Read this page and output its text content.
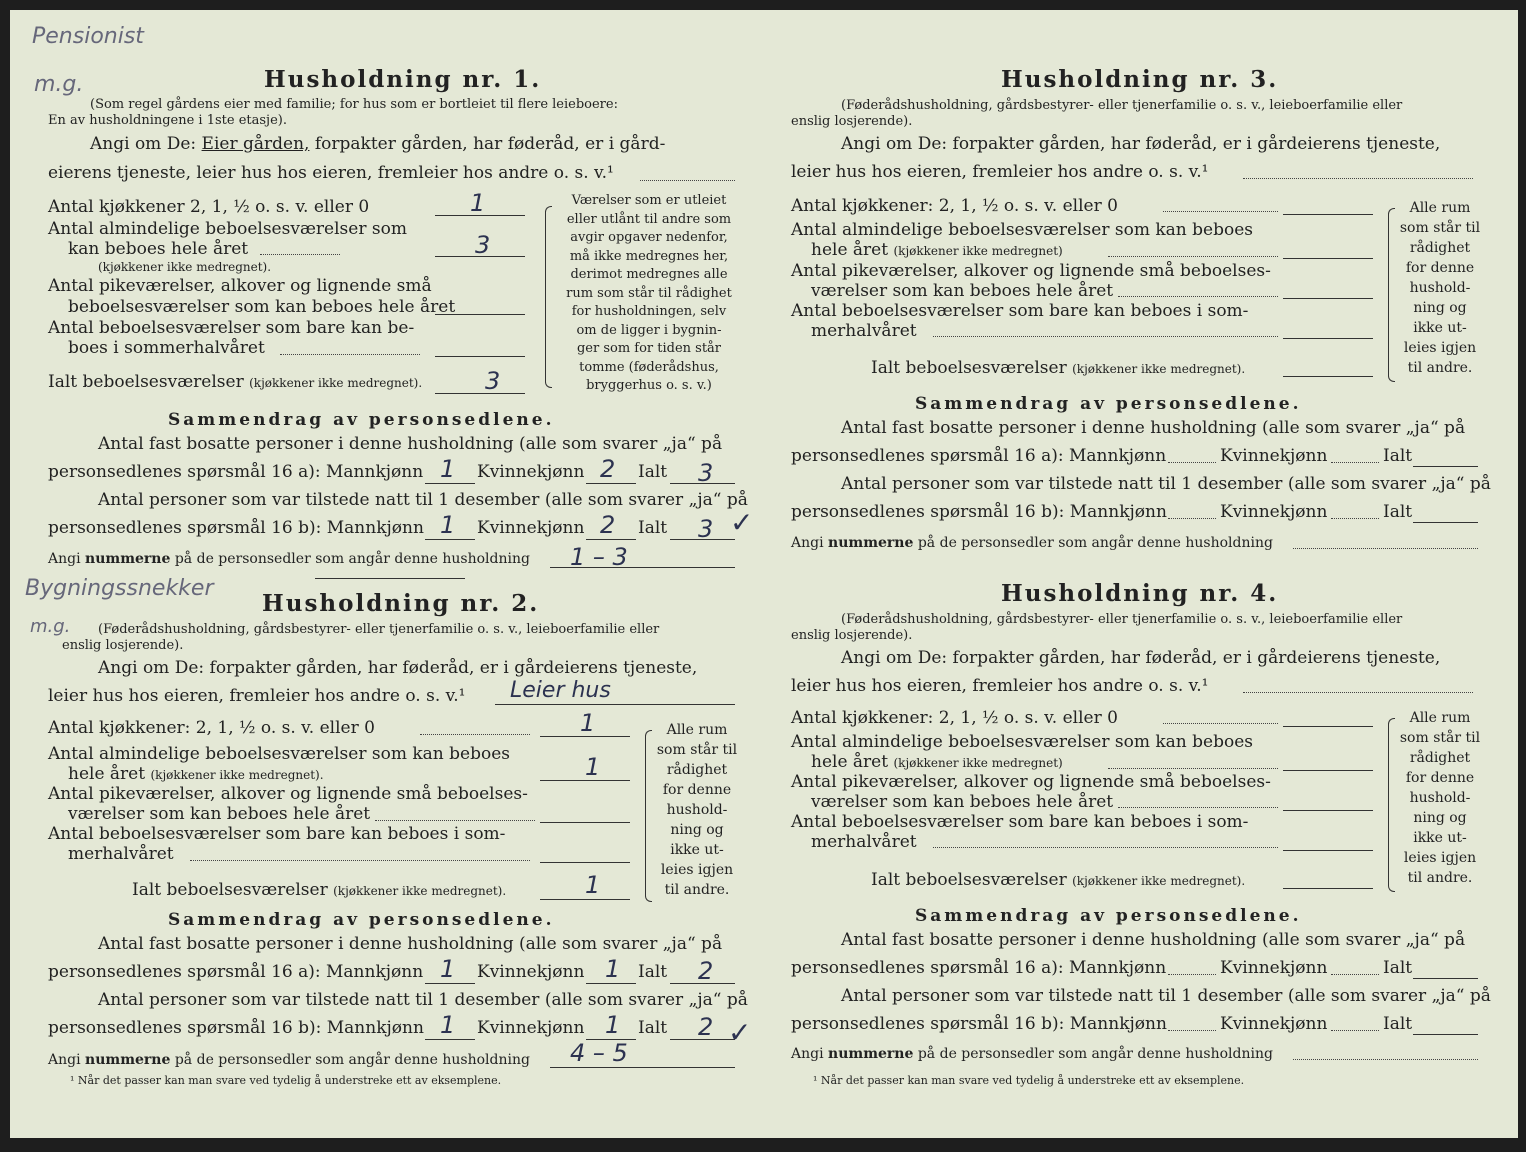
Pensionist
m.g.	Husholdning nr. 1.
(Som regel gårdens eier med familie; for hus som er bortleiet til flere leieboere:
En av husholdningene i 1ste etasje).
Angi om De: Eier gården, forpakter gården, har føderåd, er i gård-
eierens tjeneste, leier hus hos eieren, fremleier hos andre o. s. v.¹
Antal kjøkkener 2, 1, ½ o. s. v. eller 0	1
Antal almindelige beboelsesværelser som
kan beboes hele året	3
(kjøkkener ikke medregnet).
Antal pikeværelser, alkover og lignende små
beboelsesværelser som kan beboes hele året
Antal beboelsesværelser som bare kan be-
boes i sommerhalvåret
Ialt beboelsesværelser (kjøkkener ikke medregnet).	3
Værelser som er utleiet
eller utlånt til andre som
avgir opgaver nedenfor,
må ikke medregnes her,
derimot medregnes alle
rum som står til rådighet
for husholdningen, selv
om de ligger i bygnin-
ger som for tiden står
tomme (føderådshus,
bryggerhus o. s. v.)
Sammendrag av personsedlene.
Antal fast bosatte personer i denne husholdning (alle som svarer „ja“ på
personsedlenes spørsmål 16 a): Mannkjønn	Kvinnekjønn	Ialt
1	2	3
Antal personer som var tilstede natt til 1 desember (alle som svarer „ja“ på
personsedlenes spørsmål 16 b): Mannkjønn	Kvinnekjønn	Ialt
1	2	3 ✓
Angi nummerne på de personsedler som angår denne husholdning 1 – 3
Bygningssnekker
m.g.
Husholdning nr. 2.
(Føderådshusholdning, gårdsbestyrer- eller tjenerfamilie o. s. v., leieboerfamilie eller
enslig losjerende).
Angi om De: forpakter gården, har føderåd, er i gårdeierens tjeneste,
leier hus hos eieren, fremleier hos andre o. s. v.¹ Leier hus
Antal kjøkkener: 2, 1, ½ o. s. v. eller 0	1
Antal almindelige beboelsesværelser som kan beboes
hele året (kjøkkener ikke medregnet).	1
Antal pikeværelser, alkover og lignende små beboelses-
værelser som kan beboes hele året
Antal beboelsesværelser som bare kan beboes i som-
merhalvåret
Ialt beboelsesværelser (kjøkkener ikke medregnet).	1
Alle rum
som står til
rådighet
for denne
hushold-
ning og
ikke ut-
leies igjen
til andre.
Sammendrag av personsedlene.
Antal fast bosatte personer i denne husholdning (alle som svarer „ja“ på
personsedlenes spørsmål 16 a): Mannkjønn	Kvinnekjønn	Ialt
1	1	2
Antal personer som var tilstede natt til 1 desember (alle som svarer „ja“ på
personsedlenes spørsmål 16 b): Mannkjønn	Kvinnekjønn	Ialt
1	1	2 ✓
Angi nummerne på de personsedler som angår denne husholdning 4 – 5
¹ Når det passer kan man svare ved tydelig å understreke ett av eksemplene.
Husholdning nr. 3.
(Føderådshusholdning, gårdsbestyrer- eller tjenerfamilie o. s. v., leieboerfamilie eller
enslig losjerende).
Angi om De: forpakter gården, har føderåd, er i gårdeierens tjeneste,
leier hus hos eieren, fremleier hos andre o. s. v.¹
Antal kjøkkener: 2, 1, ½ o. s. v. eller 0
Antal almindelige beboelsesværelser som kan beboes
hele året (kjøkkener ikke medregnet)
Antal pikeværelser, alkover og lignende små beboelses-
værelser som kan beboes hele året
Antal beboelsesværelser som bare kan beboes i som-
merhalvåret
Ialt beboelsesværelser (kjøkkener ikke medregnet).
Alle rum
som står til
rådighet
for denne
hushold-
ning og
ikke ut-
leies igjen
til andre.
Sammendrag av personsedlene.
Antal fast bosatte personer i denne husholdning (alle som svarer „ja“ på
personsedlenes spørsmål 16 a): Mannkjønn	Kvinnekjønn	Ialt
Antal personer som var tilstede natt til 1 desember (alle som svarer „ja“ på
personsedlenes spørsmål 16 b): Mannkjønn	Kvinnekjønn	Ialt
Angi nummerne på de personsedler som angår denne husholdning
Husholdning nr. 4.
(Føderådshusholdning, gårdsbestyrer- eller tjenerfamilie o. s. v., leieboerfamilie eller
enslig losjerende).
Angi om De: forpakter gården, har føderåd, er i gårdeierens tjeneste,
leier hus hos eieren, fremleier hos andre o. s. v.¹
Antal kjøkkener: 2, 1, ½ o. s. v. eller 0
Antal almindelige beboelsesværelser som kan beboes
hele året (kjøkkener ikke medregnet)
Antal pikeværelser, alkover og lignende små beboelses-
værelser som kan beboes hele året
Antal beboelsesværelser som bare kan beboes i som-
merhalvåret
Ialt beboelsesværelser (kjøkkener ikke medregnet).
Alle rum
som står til
rådighet
for denne
hushold-
ning og
ikke ut-
leies igjen
til andre.
Sammendrag av personsedlene.
Antal fast bosatte personer i denne husholdning (alle som svarer „ja“ på
personsedlenes spørsmål 16 a): Mannkjønn	Kvinnekjønn	Ialt
Antal personer som var tilstede natt til 1 desember (alle som svarer „ja“ på
personsedlenes spørsmål 16 b): Mannkjønn	Kvinnekjønn	Ialt
Angi nummerne på de personsedler som angår denne husholdning
¹ Når det passer kan man svare ved tydelig å understreke ett av eksemplene.
